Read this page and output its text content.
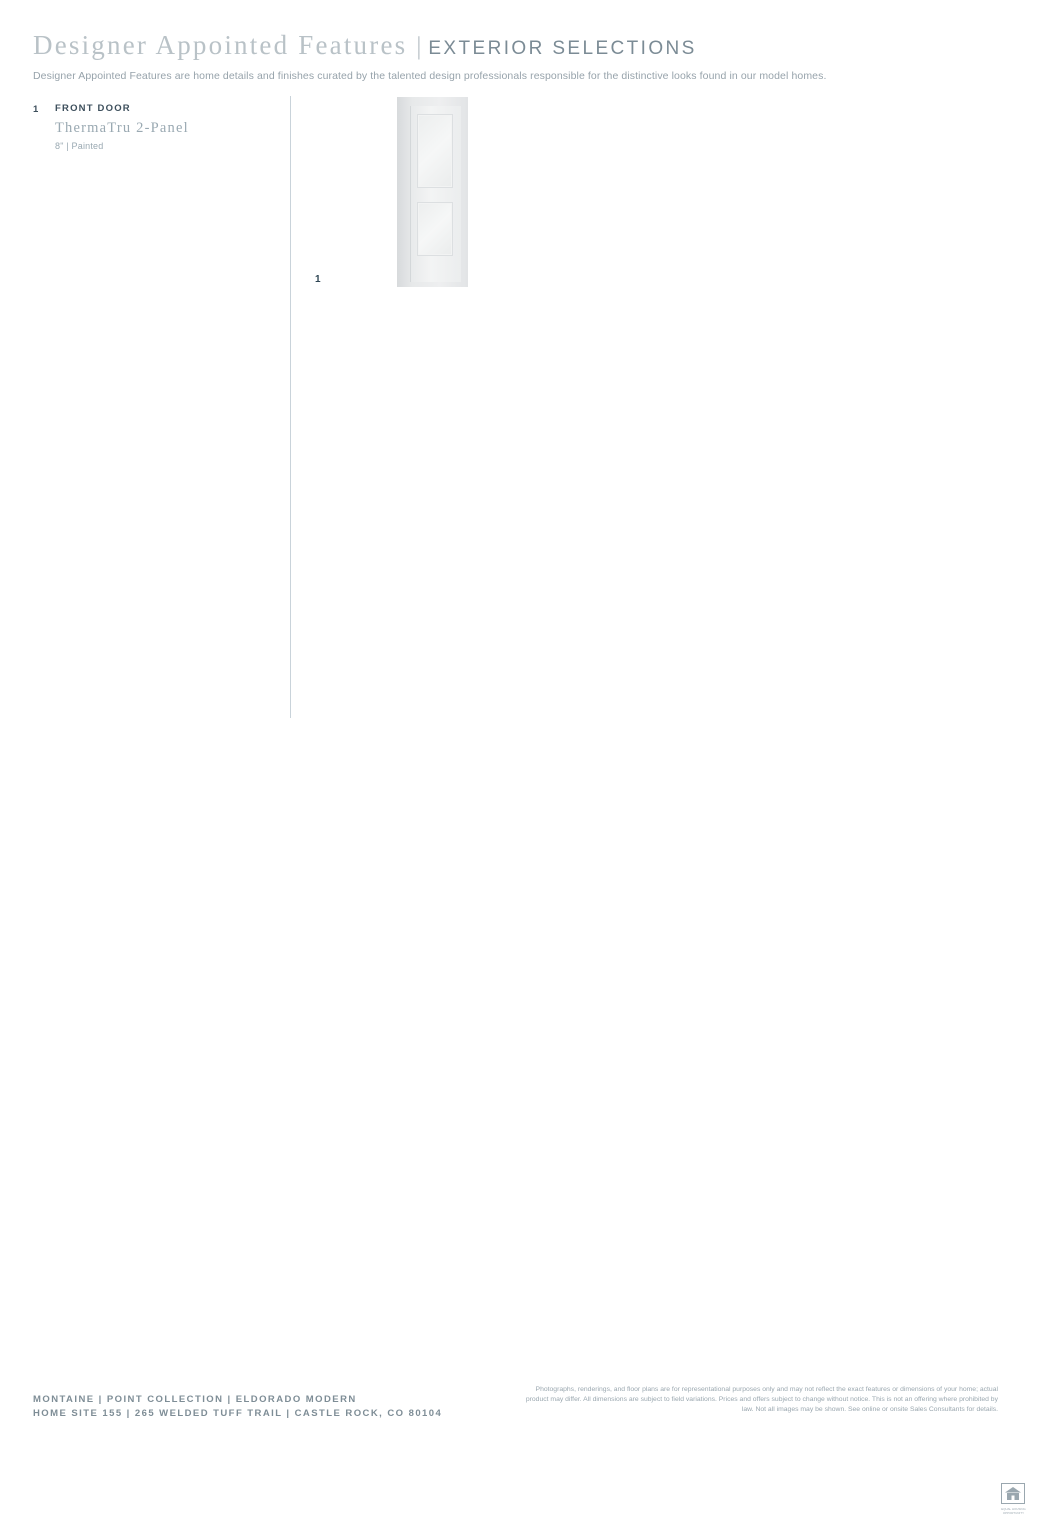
Designer Appointed Features | EXTERIOR SELECTIONS
Designer Appointed Features are home details and finishes curated by the talented design professionals responsible for the distinctive looks found in our model homes.
1	FRONT DOOR
ThermaTru 2-Panel
8" | Painted
1
MONTAINE | POINT COLLECTION | ELDORADO MODERN
HOME SITE 155 | 265 WELDED TUFF TRAIL | CASTLE ROCK, CO 80104
Photographs, renderings, and floor plans are for representational purposes only and may not reflect the exact features or dimensions of your home; actual product may differ. All dimensions are subject to field variations. Prices and offers subject to change without notice. This is not an offering where prohibited by law. Not all images may be shown. See online or onsite Sales Consultants for details.
EQUAL HOUSING OPPORTUNITY
